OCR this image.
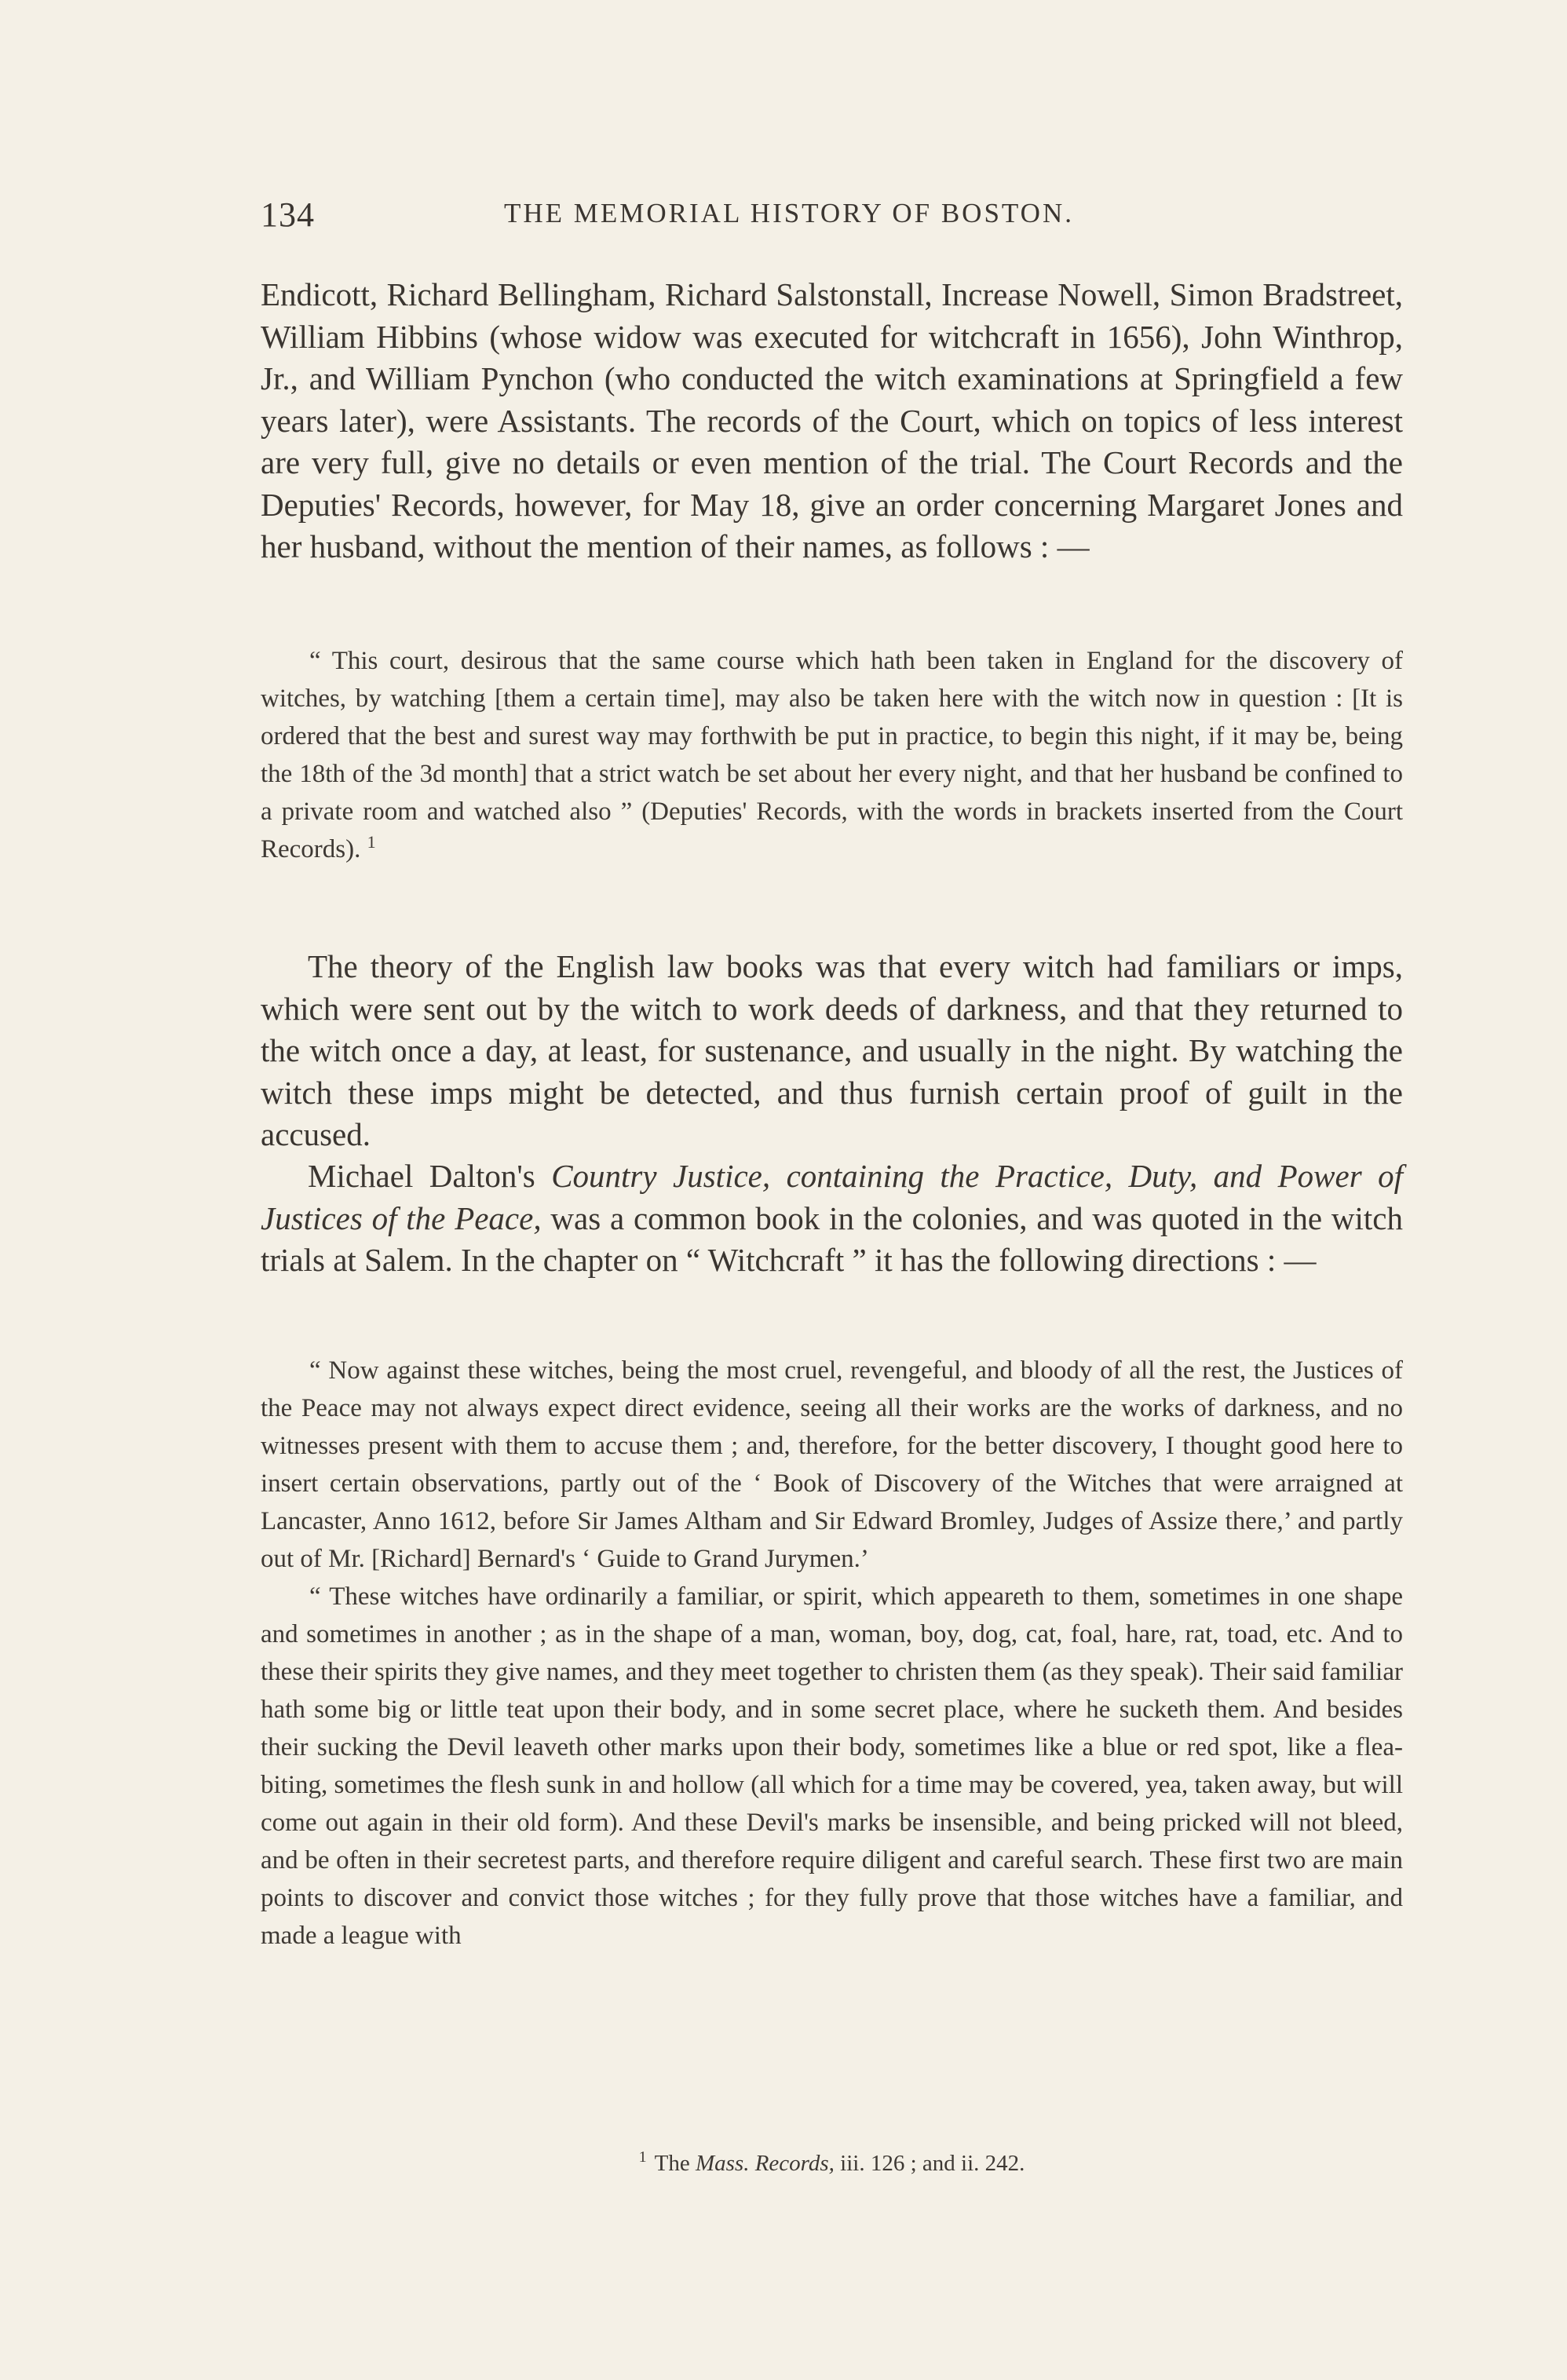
134	THE MEMORIAL HISTORY OF BOSTON.

Endicott, Richard Bellingham, Richard Salstonstall, Increase Nowell, Simon Bradstreet, William Hibbins (whose widow was executed for witchcraft in 1656), John Winthrop, Jr., and William Pynchon (who conducted the witch examinations at Springfield a few years later), were Assistants. The records of the Court, which on topics of less interest are very full, give no details or even mention of the trial. The Court Records and the Deputies' Records, however, for May 18, give an order concerning Margaret Jones and her husband, without the mention of their names, as follows : —

“ This court, desirous that the same course which hath been taken in England for the discovery of witches, by watching [them a certain time], may also be taken here with the witch now in question : [It is ordered that the best and surest way may forthwith be put in practice, to begin this night, if it may be, being the 18th of the 3d month] that a strict watch be set about her every night, and that her husband be confined to a private room and watched also ” (Deputies' Records, with the words in brackets inserted from the Court Records). $^1$

The theory of the English law books was that every witch had familiars or imps, which were sent out by the witch to work deeds of darkness, and that they returned to the witch once a day, at least, for sustenance, and usually in the night. By watching the witch these imps might be detected, and thus furnish certain proof of guilt in the accused.

Michael Dalton's Country Justice, containing the Practice, Duty, and Power of Justices of the Peace, was a common book in the colonies, and was quoted in the witch trials at Salem. In the chapter on “ Witchcraft ” it has the following directions : —

“ Now against these witches, being the most cruel, revengeful, and bloody of all the rest, the Justices of the Peace may not always expect direct evidence, seeing all their works are the works of darkness, and no witnesses present with them to accuse them ; and, therefore, for the better discovery, I thought good here to insert certain observations, partly out of the ‘ Book of Discovery of the Witches that were arraigned at Lancaster, Anno 1612, before Sir James Altham and Sir Edward Bromley, Judges of Assize there,’ and partly out of Mr. [Richard] Bernard's ‘ Guide to Grand Jurymen.’

“ These witches have ordinarily a familiar, or spirit, which appeareth to them, sometimes in one shape and sometimes in another ; as in the shape of a man, woman, boy, dog, cat, foal, hare, rat, toad, etc. And to these their spirits they give names, and they meet together to christen them (as they speak). Their said familiar hath some big or little teat upon their body, and in some secret place, where he sucketh them. And besides their sucking the Devil leaveth other marks upon their body, sometimes like a blue or red spot, like a flea-biting, sometimes the flesh sunk in and hollow (all which for a time may be covered, yea, taken away, but will come out again in their old form). And these Devil's marks be insensible, and being pricked will not bleed, and be often in their secretest parts, and therefore require diligent and careful search. These first two are main points to discover and convict those witches ; for they fully prove that those witches have a familiar, and made a league with

$^1$ The Mass. Records, iii. 126 ; and ii. 242.
